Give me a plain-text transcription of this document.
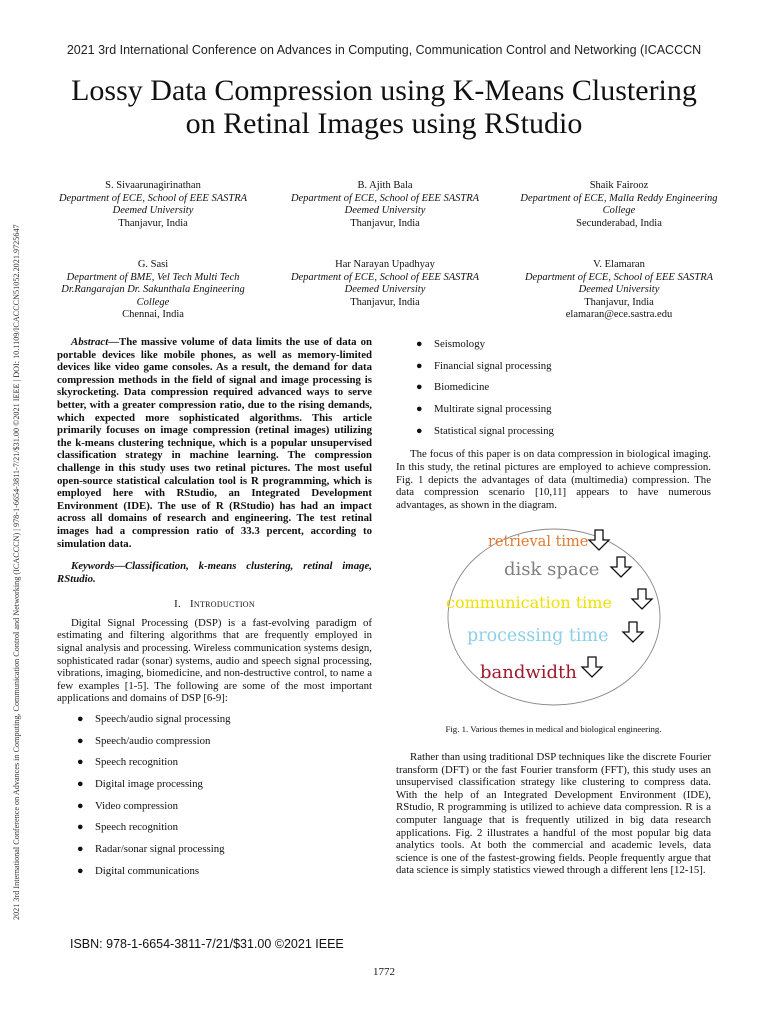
2021 3rd International Conference on Advances in Computing, Communication Control and Networking (ICACCCN
2021 3rd International Conference on Advances in Computing, Communication Control and Networking (ICACCCN) | 978-1-6654-3811-7/21/$31.00 ©2021 IEEE | DOI: 10.1109/ICACCCN51052.2021.9725647
Lossy Data Compression using K-Means Clustering
on Retinal Images using RStudio
S. Sivaarunagirinathan
Department of ECE, School of EEE SASTRA Deemed University
Thanjavur, India
B. Ajith Bala
Department of ECE, School of EEE SASTRA Deemed University
Thanjavur, India
Shaik Fairooz
Department of ECE, Malla Reddy Engineering College
Secunderabad, India
G. Sasi
Department of BME, Vel Tech Multi Tech Dr.Rangarajan Dr. Sakunthala Engineering College
Chennai, India
Har Narayan Upadhyay
Department of ECE, School of EEE SASTRA Deemed University
Thanjavur, India
V. Elamaran
Department of ECE, School of EEE SASTRA Deemed University
Thanjavur, India
elamaran@ece.sastra.edu

Abstract—The massive volume of data limits the use of data on portable devices like mobile phones, as well as memory-limited devices like video game consoles. As a result, the demand for data compression methods in the field of signal and image processing is skyrocketing. Data compression required advanced ways to serve better, with a greater compression ratio, due to the rising demands, which expected more sophisticated algorithms. This article primarily focuses on image compression (retinal images) utilizing the k-means clustering technique, which is a popular unsupervised classification strategy in machine learning. The compression challenge in this study uses two retinal pictures. The most useful open-source statistical calculation tool is R programming, which is employed here with RStudio, an Integrated Development Environment (IDE). The use of R (RStudio) has had an impact across all domains of research and engineering. The test retinal images had a compression ratio of 33.3 percent, according to simulation data.

Keywords—Classification, k-means clustering, retinal image, RStudio.

I. Introduction

Digital Signal Processing (DSP) is a fast-evolving paradigm of estimating and filtering algorithms that are frequently employed in signal analysis and processing. Wireless communication systems design, sophisticated radar (sonar) systems, audio and speech signal processing, vibrations, imaging, biomedicine, and non-destructive control, to name a few examples [1-5]. The following are some of the most important applications and domains of DSP [6-9]:

● Speech/audio signal processing
● Speech/audio compression
● Speech recognition
● Digital image processing
● Video compression
● Speech recognition
● Radar/sonar signal processing
● Digital communications
● Seismology
● Financial signal processing
● Biomedicine
● Multirate signal processing
● Statistical signal processing

The focus of this paper is on data compression in biological imaging. In this study, the retinal pictures are employed to achieve compression. Fig. 1 depicts the advantages of data (multimedia) compression. The data compression scenario [10,11] appears to have numerous advantages, as shown in the diagram.

retrieval time
disk space
communication time
processing time
bandwidth
Fig. 1. Various themes in medical and biological engineering.

Rather than using traditional DSP techniques like the discrete Fourier transform (DFT) or the fast Fourier transform (FFT), this study uses an unsupervised classification strategy like clustering to compress data. With the help of an Integrated Development Environment (IDE), RStudio, R programming is utilized to achieve data compression. R is a computer language that is frequently utilized in big data research applications. Fig. 2 illustrates a handful of the most popular big data analytics tools. At both the commercial and academic levels, data science is one of the fastest-growing fields. People frequently argue that data science is simply statistics viewed through a different lens [12-15].

ISBN: 978-1-6654-3811-7/21/$31.00 ©2021 IEEE
1772
